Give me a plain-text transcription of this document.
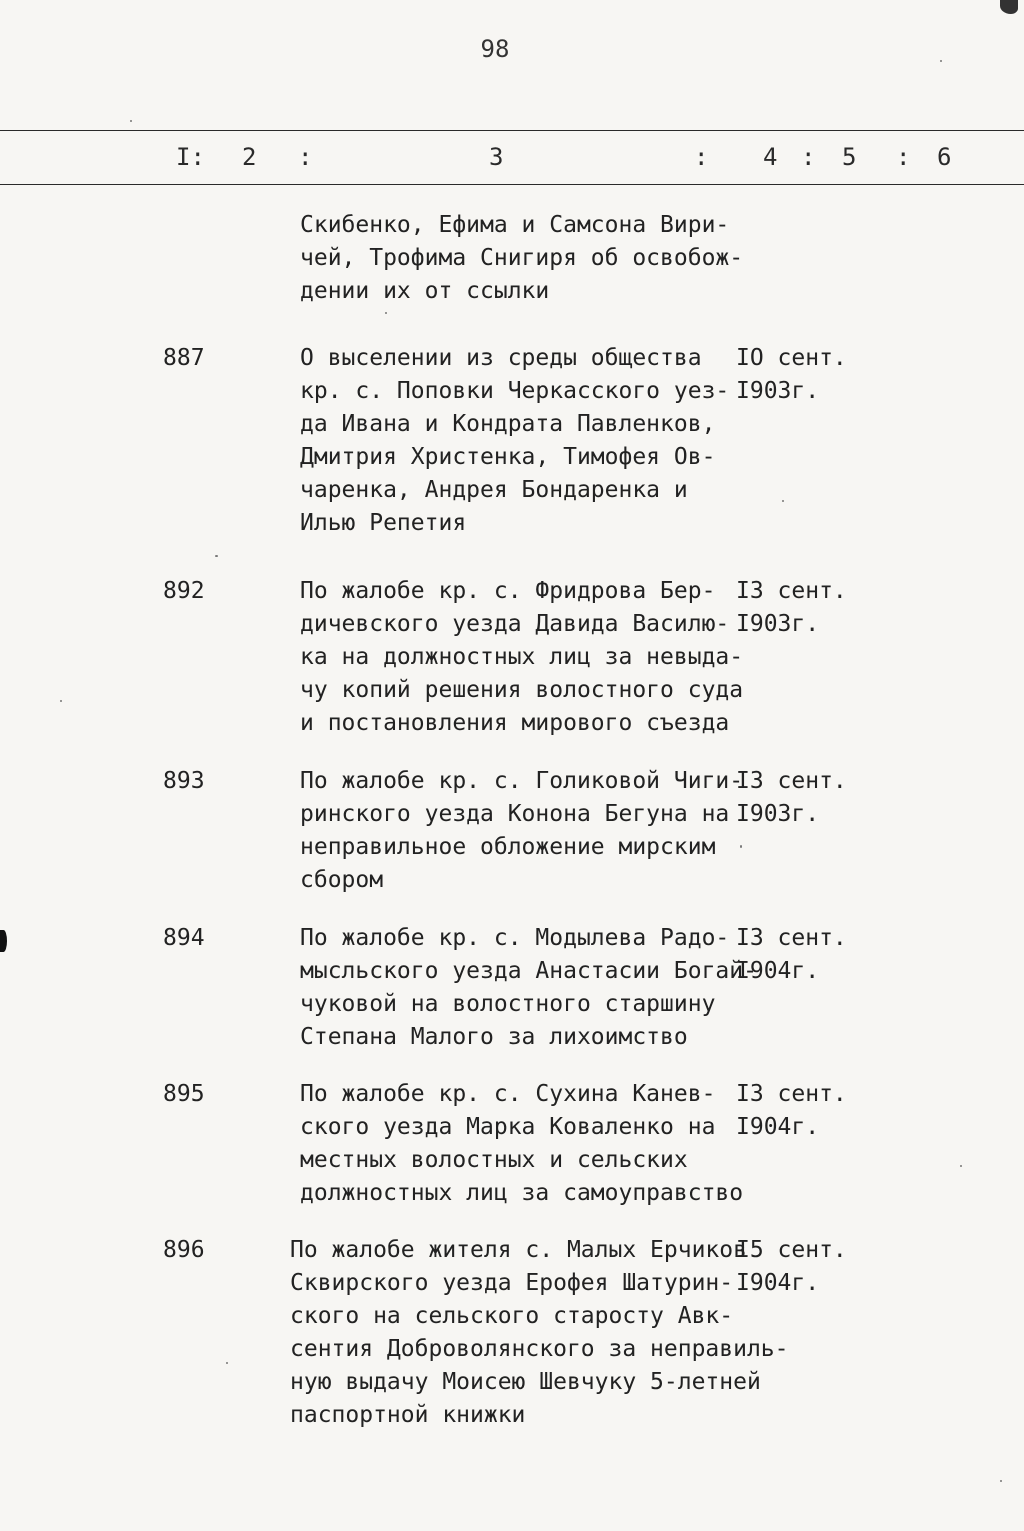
98
I: 2 :	3	: 4 : 5 : 6
Скибенко, Ефима и Самсона Вири-
чей, Трофима Снигиря об освобож-
дении их от ссылки
887	О выселении из среды общества
кр. с. Поповки Черкасского уез-
да Ивана и Кондрата Павленков,
Дмитрия Христенка, Тимофея Ов-
чаренка, Андрея Бондаренка и
Илью Репетия
IO сент.
I903г.
892	По жалобе кр. с. Фридрова Бер-
дичевского уезда Давида Василю-
ка на должностных лиц за невыда-
чу копий решения волостного суда
и постановления мирового съезда
I3 сент.
I903г.
893	По жалобе кр. с. Голиковой Чиги-
ринского уезда Конона Бегуна на
неправильное обложение мирским
сбором
I3 сент.
I903г.
894	По жалобе кр. с. Модылева Радо-
мысльского уезда Анастасии Богай-
чуковой на волостного старшину
Степана Малого за лихоимство
I3 сент.
I904г.
895	По жалобе кр. с. Сухина Канев-
ского уезда Марка Коваленко на
местных волостных и сельских
должностных лиц за самоуправство
I3 сент.
I904г.
896	По жалобе жителя с. Малых Ерчиков
Сквирского уезда Ерофея Шатурин-
ского на сельского старосту Авк-
сентия Доброволянского за неправиль-
ную выдачу Моисею Шевчуку 5-летней
паспортной книжки
I5 сент.
I904г.
